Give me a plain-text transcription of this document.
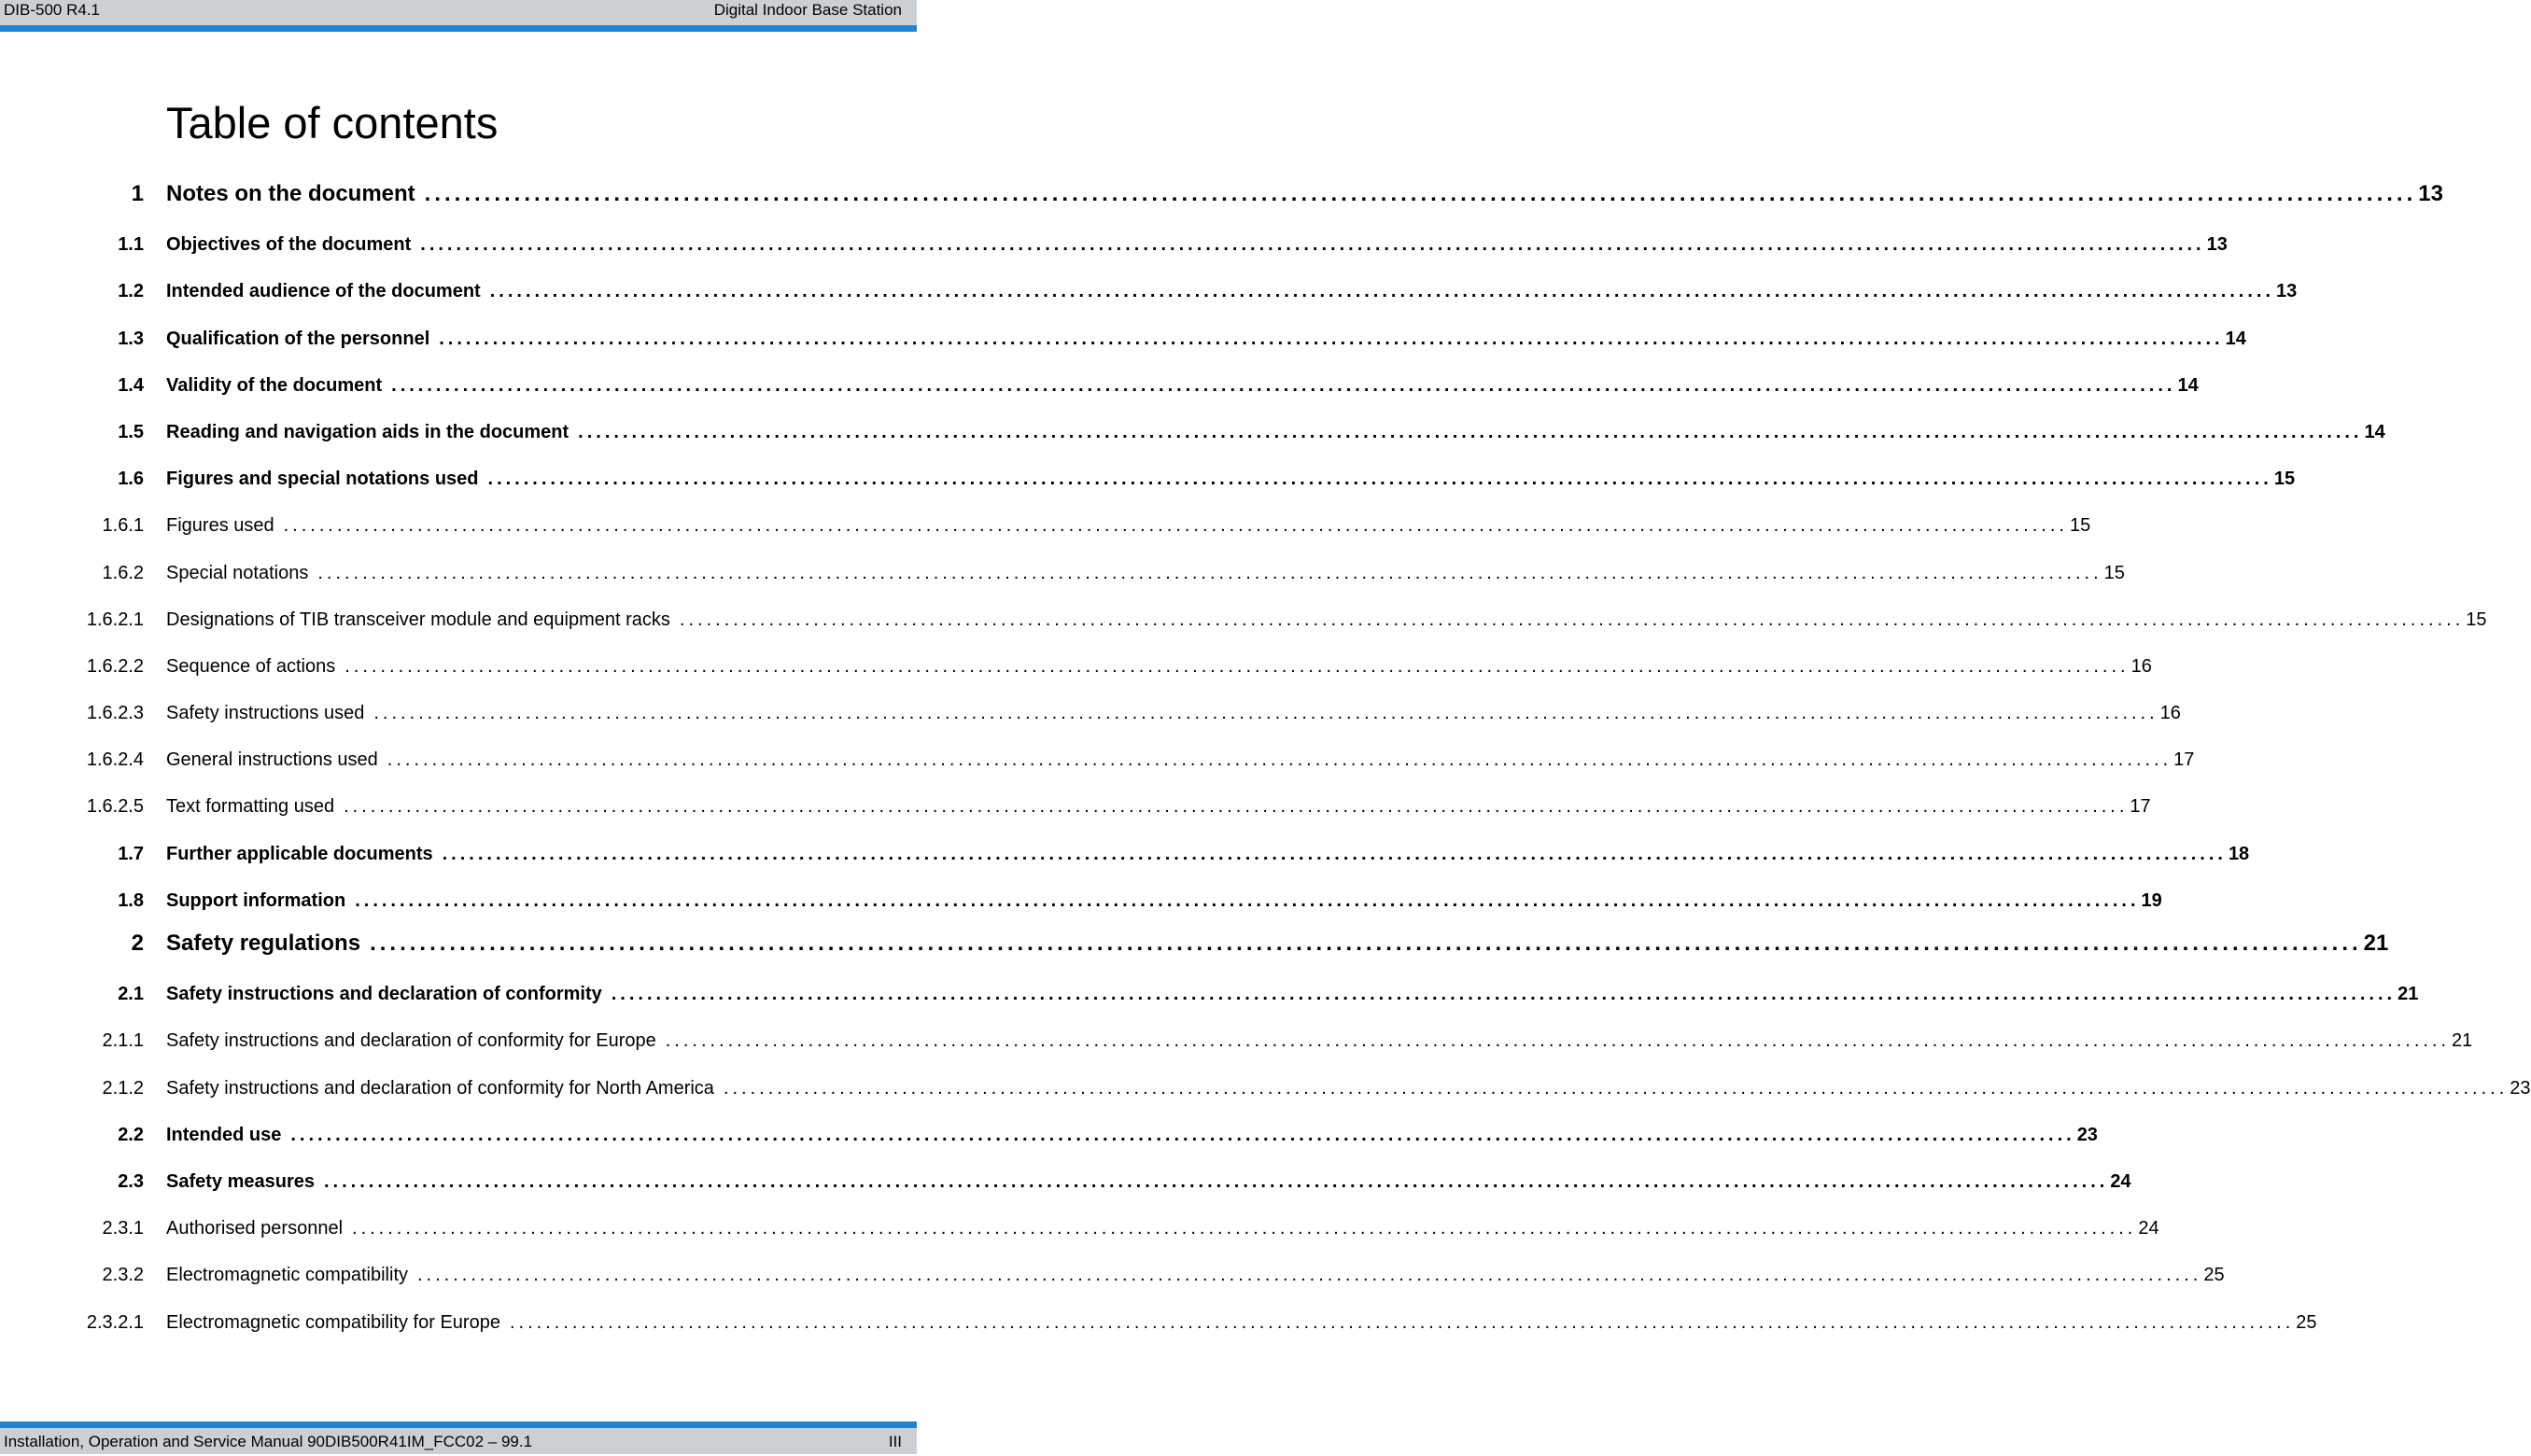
DIB-500 R4.1	Digital Indoor Base Station
Table of contents
1 Notes on the document ........................................................................................................................................................................................................ 13
1.1 Objectives of the document ........................................................................................................................................................................................................ 13
1.2 Intended audience of the document ........................................................................................................................................................................................................ 13
1.3 Qualification of the personnel ........................................................................................................................................................................................................ 14
1.4 Validity of the document ........................................................................................................................................................................................................ 14
1.5 Reading and navigation aids in the document ........................................................................................................................................................................................................ 14
1.6 Figures and special notations used ........................................................................................................................................................................................................ 15
1.6.1 Figures used ........................................................................................................................................................................................................ 15
1.6.2 Special notations ........................................................................................................................................................................................................ 15
1.6.2.1 Designations of TIB transceiver module and equipment racks ........................................................................................................................................................................................................ 15
1.6.2.2 Sequence of actions ........................................................................................................................................................................................................ 16
1.6.2.3 Safety instructions used ........................................................................................................................................................................................................ 16
1.6.2.4 General instructions used ........................................................................................................................................................................................................ 17
1.6.2.5 Text formatting used ........................................................................................................................................................................................................ 17
1.7 Further applicable documents ........................................................................................................................................................................................................ 18
1.8 Support information ........................................................................................................................................................................................................ 19
2 Safety regulations ........................................................................................................................................................................................................ 21
2.1 Safety instructions and declaration of conformity ........................................................................................................................................................................................................ 21
2.1.1 Safety instructions and declaration of conformity for Europe ........................................................................................................................................................................................................ 21
2.1.2 Safety instructions and declaration of conformity for North America ........................................................................................................................................................................................................ 23
2.2 Intended use ........................................................................................................................................................................................................ 23
2.3 Safety measures ........................................................................................................................................................................................................ 24
2.3.1 Authorised personnel ........................................................................................................................................................................................................ 24
2.3.2 Electromagnetic compatibility ........................................................................................................................................................................................................ 25
2.3.2.1 Electromagnetic compatibility for Europe ........................................................................................................................................................................................................ 25
Installation, Operation and Service Manual 90DIB500R41IM_FCC02 – 99.1	III
